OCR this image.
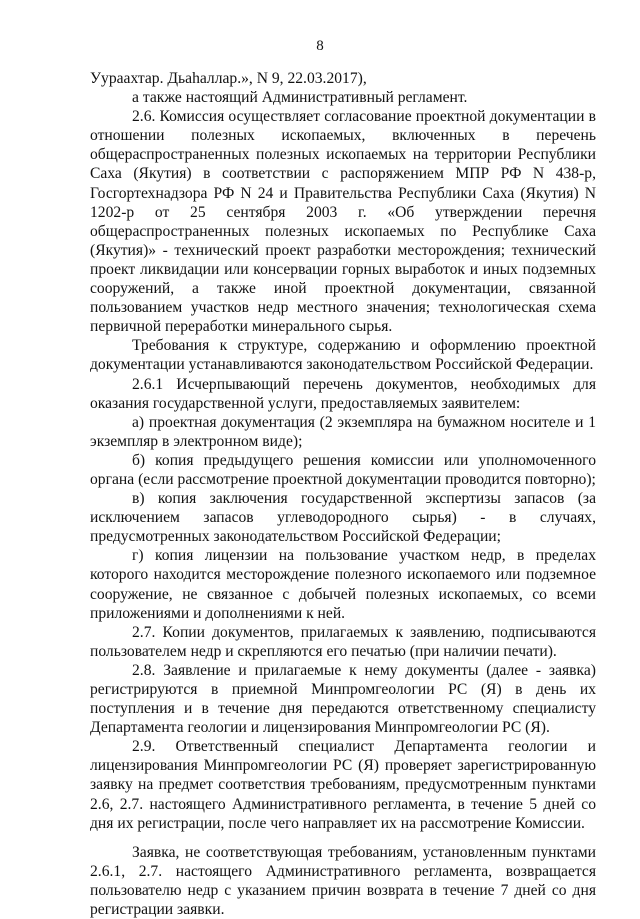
8

Уураахтар. Дьаһаллар.», N 9, 22.03.2017),

а также настоящий Административный регламент.

2.6. Комиссия осуществляет согласование проектной документации в отношении полезных ископаемых, включенных в перечень общераспространенных полезных ископаемых на территории Республики Саха (Якутия) в соответствии с распоряжением МПР РФ N 438-р, Госгортехнадзора РФ N 24 и Правительства Республики Саха (Якутия) N 1202-р от 25 сентября 2003 г. «Об утверждении перечня общераспространенных полезных ископаемых по Республике Саха (Якутия)» - технический проект разработки месторождения; технический проект ликвидации или консервации горных выработок и иных подземных сооружений, а также иной проектной документации, связанной пользованием участков недр местного значения; технологическая схема первичной переработки минерального сырья.

Требования к структуре, содержанию и оформлению проектной документации устанавливаются законодательством Российской Федерации.

2.6.1 Исчерпывающий перечень документов, необходимых для оказания государственной услуги, предоставляемых заявителем:

а) проектная документация (2 экземпляра на бумажном носителе и 1 экземпляр в электронном виде);

б) копия предыдущего решения комиссии или уполномоченного органа (если рассмотрение проектной документации проводится повторно);

в) копия заключения государственной экспертизы запасов (за исключением запасов углеводородного сырья) - в случаях, предусмотренных законодательством Российской Федерации;

г) копия лицензии на пользование участком недр, в пределах которого находится месторождение полезного ископаемого или подземное сооружение, не связанное с добычей полезных ископаемых, со всеми приложениями и дополнениями к ней.

2.7. Копии документов, прилагаемых к заявлению, подписываются пользователем недр и скрепляются его печатью (при наличии печати).

2.8. Заявление и прилагаемые к нему документы (далее - заявка) регистрируются в приемной Минпромгеологии РС (Я) в день их поступления и в течение дня передаются ответственному специалисту Департамента геологии и лицензирования Минпромгеологии РС (Я).

2.9. Ответственный специалист Департамента геологии и лицензирования Минпромгеологии РС (Я) проверяет зарегистрированную заявку на предмет соответствия требованиям, предусмотренным пунктами 2.6, 2.7. настоящего Административного регламента, в течение 5 дней со дня их регистрации, после чего направляет их на рассмотрение Комиссии.

Заявка, не соответствующая требованиям, установленным пунктами 2.6.1, 2.7. настоящего Административного регламента, возвращается пользователю недр с указанием причин возврата в течение 7 дней со дня регистрации заявки.
